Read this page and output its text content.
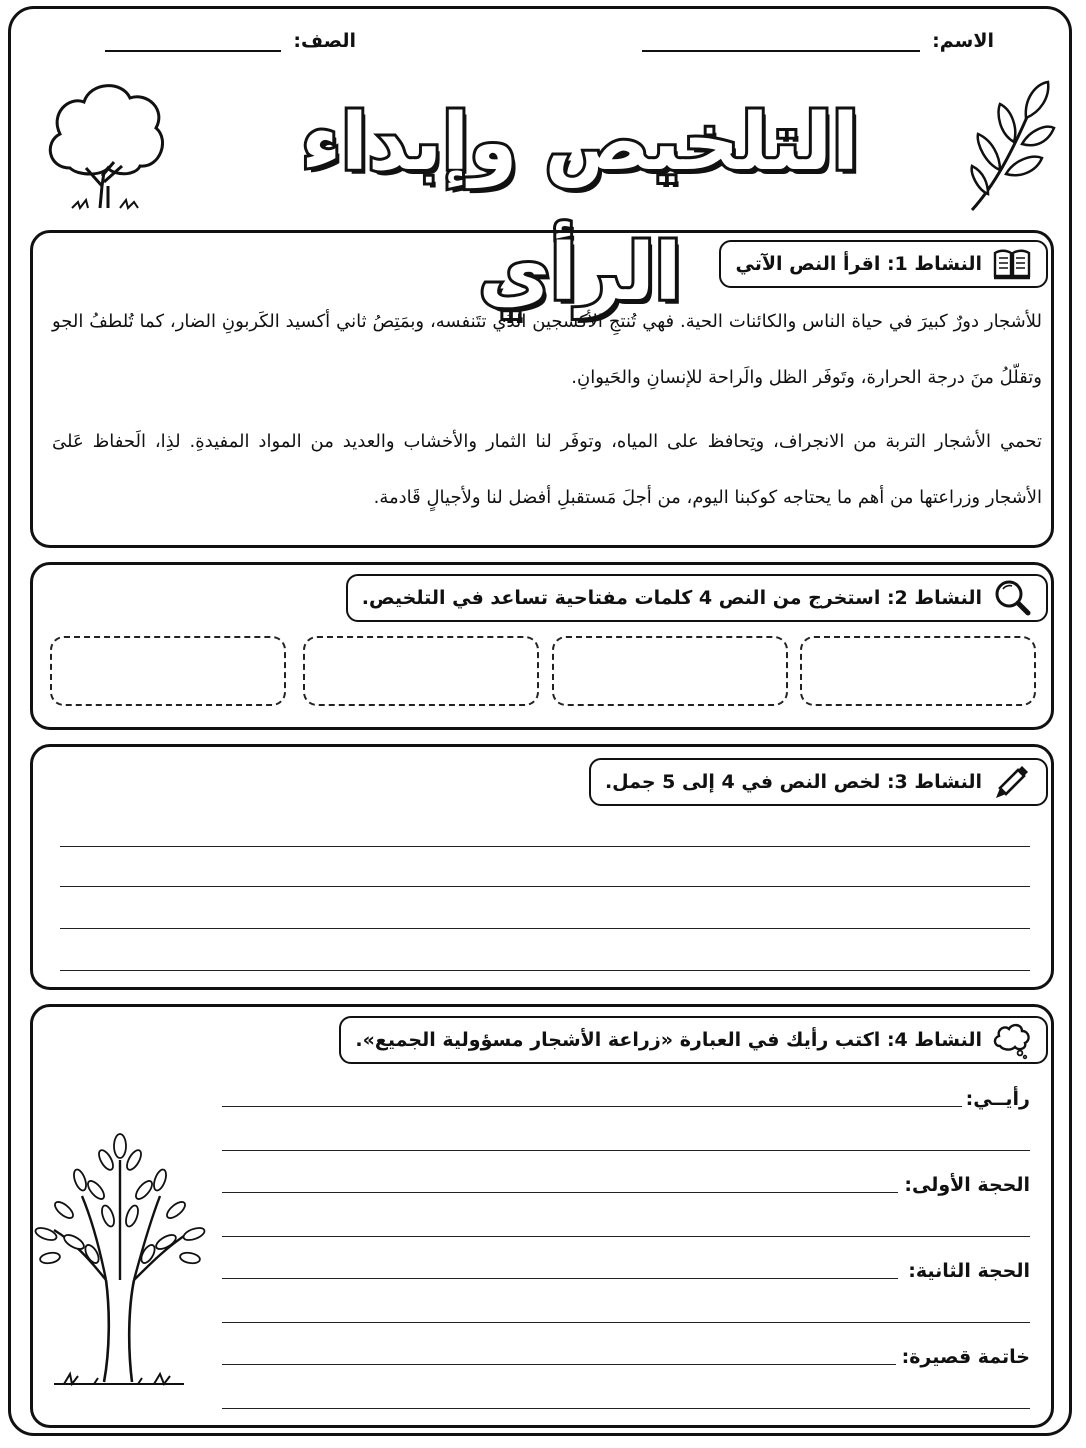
الاسم:
الصف:
التلخيص وإبداء الرأي	النشاط 1: اقرأ النص الآتي
للأشجار دورٌ كبيرَ في حياة الناس والكائنات الحية. فهي تُنتجِ الأكسجين الذُي تتَنفسه، وبمَتِصُ ثاني أكسيد الكَربونِ الضار، كما تُلطفُ الجو وتقلّلُ منَ درجة الحرارة، وتَوفَر الظل والَراحة للإنسانِ والحَيوانِ.
تحمي الأشجار التربة من الانجراف، وتِحافظ على المياه، وتوفَر لنا الثمار والأخشاب والعديد من المواد المفيدةِ. لذِا، الَحفاظ عَلىَ الأشجار وزراعتها من أهم ما يحتاجه كوكبنا اليوم، من أجلَ مَستقبلِ أفضل لنا ولأجيالٍ قَادمة.
النشاط 2: استخرج من النص 4 كلمات مفتاحية تساعد في التلخيص.
النشاط 3: لخص النص في 4 إلى 5 جمل.
النشاط 4: اكتب رأيك في العبارة «زراعة الأشجار مسؤولية الجميع».
رأيــي:
الحجة الأولى:
الحجة الثانية:
خاتمة قصيرة:
